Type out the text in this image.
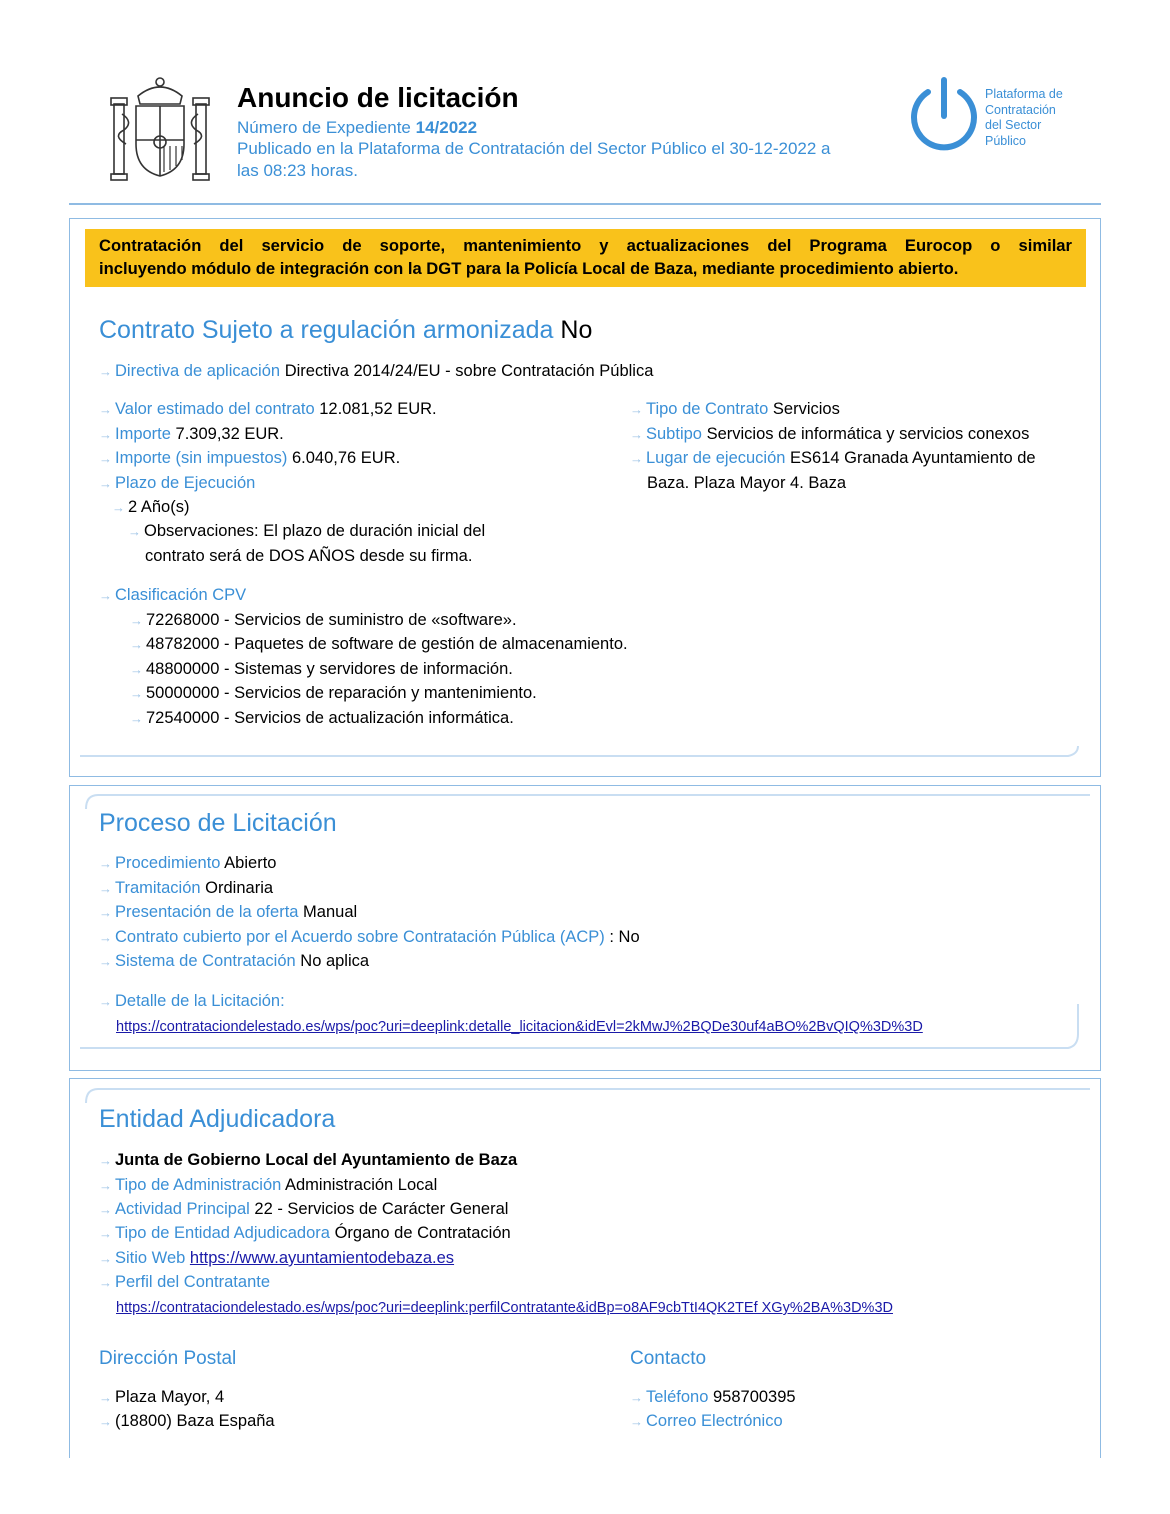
Anuncio de licitación
Número de Expediente 14/2022
Publicado en la Plataforma de Contratación del Sector Público el 30-12-2022 a
las 08:23 horas.
Plataforma de
Contratación
del Sector
Público
Contratación del servicio de soporte, mantenimiento y actualizaciones del Programa Eurocop o similar
incluyendo módulo de integración con la DGT para la Policía Local de Baza, mediante procedimiento abierto.
Contrato Sujeto a regulación armonizada No
→ Directiva de aplicación Directiva 2014/24/EU - sobre Contratación Pública
→ Valor estimado del contrato 12.081,52 EUR.
→ Importe 7.309,32 EUR.
→ Importe (sin impuestos) 6.040,76 EUR.
→ Plazo de Ejecución
→ 2 Año(s)
→ Observaciones: El plazo de duración inicial del
contrato será de DOS AÑOS desde su firma.
→ Tipo de Contrato Servicios
→ Subtipo Servicios de informática y servicios conexos
→ Lugar de ejecución ES614 Granada Ayuntamiento de
Baza. Plaza Mayor 4. Baza
→ Clasificación CPV
→ 72268000 - Servicios de suministro de «software».
→ 48782000 - Paquetes de software de gestión de almacenamiento.
→ 48800000 - Sistemas y servidores de información.
→ 50000000 - Servicios de reparación y mantenimiento.
→ 72540000 - Servicios de actualización informática.
Proceso de Licitación
→ Procedimiento Abierto
→ Tramitación Ordinaria
→ Presentación de la oferta Manual
→ Contrato cubierto por el Acuerdo sobre Contratación Pública (ACP) : No
→ Sistema de Contratación No aplica
→ Detalle de la Licitación:
https://contrataciondelestado.es/wps/poc?uri=deeplink:detalle_licitacion&idEvl=2kMwJ%2BQDe30uf4aBO%2BvQIQ%3D%3D
Entidad Adjudicadora
→ Junta de Gobierno Local del Ayuntamiento de Baza
→ Tipo de Administración Administración Local
→ Actividad Principal 22 - Servicios de Carácter General
→ Tipo de Entidad Adjudicadora Órgano de Contratación
→ Sitio Web https://www.ayuntamientodebaza.es
→ Perfil del Contratante
https://contrataciondelestado.es/wps/poc?uri=deeplink:perfilContratante&idBp=o8AF9cbTtI4QK2TEf XGy%2BA%3D%3D
Dirección Postal
→ Plaza Mayor, 4
→ (18800) Baza España
Contacto
→ Teléfono 958700395
→ Correo Electrónico
